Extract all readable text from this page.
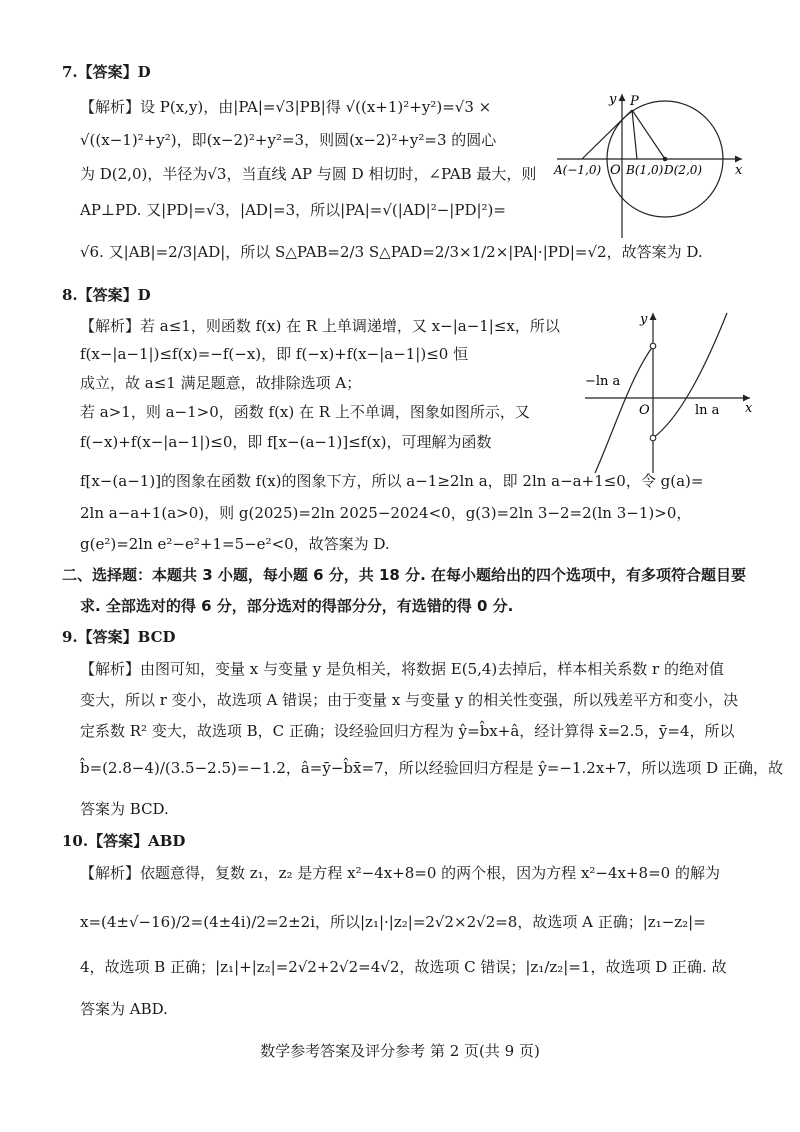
7.【答案】D
【解析】设 P(x,y)，由|PA|=√3|PB|得 √((x+1)²+y²)=√3 ×
√((x−1)²+y²)，即(x−2)²+y²=3，则圆(x−2)²+y²=3 的圆心
为 D(2,0)，半径为√3，当直线 AP 与圆 D 相切时，∠PAB 最大，则
AP⊥PD. 又|PD|=√3，|AD|=3，所以|PA|=√(|AD|²−|PD|²)=
√6. 又|AB|=2/3|AD|，所以 S△PAB=2/3 S△PAD=2/3×1/2×|PA|·|PD|=√2，故答案为 D.
x
y
O
P
A(−1,0) B(1,0) D(2,0)
8.【答案】D
【解析】若 a≤1，则函数 f(x) 在 R 上单调递增，又 x−|a−1|≤x，所以
f(x−|a−1|)≤f(x)=−f(−x)，即 f(−x)+f(x−|a−1|)≤0 恒
成立，故 a≤1 满足题意，故排除选项 A；
若 a>1，则 a−1>0，函数 f(x) 在 R 上不单调，图象如图所示，又
f(−x)+f(x−|a−1|)≤0，即 f[x−(a−1)]≤f(x)，可理解为函数
f[x−(a−1)]的图象在函数 f(x)的图象下方，所以 a−1≥2ln a，即 2ln a−a+1≤0，令 g(a)=
2ln a−a+1(a>0)，则 g(2025)=2ln 2025−2024<0，g(3)=2ln 3−2=2(ln 3−1)>0，
g(e²)=2ln e²−e²+1=5−e²<0，故答案为 D.
x
y
O
−ln a
ln a
二、选择题：本题共 3 小题，每小题 6 分，共 18 分. 在每小题给出的四个选项中，有多项符合题目要
求. 全部选对的得 6 分，部分选对的得部分分，有选错的得 0 分.
9.【答案】BCD
【解析】由图可知，变量 x 与变量 y 是负相关，将数据 E(5,4)去掉后，样本相关系数 r 的绝对值
变大，所以 r 变小，故选项 A 错误；由于变量 x 与变量 y 的相关性变强，所以残差平方和变小，决
定系数 R² 变大，故选项 B，C 正确；设经验回归方程为 ŷ=b̂x+â，经计算得 x̄=2.5，ȳ=4，所以
b̂=(2.8−4)/(3.5−2.5)=−1.2，â=ȳ−b̂x̄=7，所以经验回归方程是 ŷ=−1.2x+7，所以选项 D 正确，故
答案为 BCD.
10.【答案】ABD
【解析】依题意得，复数 z₁，z₂ 是方程 x²−4x+8=0 的两个根，因为方程 x²−4x+8=0 的解为
x=(4±√−16)/2=(4±4i)/2=2±2i，所以|z₁|·|z₂|=2√2×2√2=8，故选项 A 正确；|z₁−z₂|=
4，故选项 B 正确；|z₁|+|z₂|=2√2+2√2=4√2，故选项 C 错误；|z₁/z₂|=1，故选项 D 正确. 故
答案为 ABD.
数学参考答案及评分参考 第 2 页(共 9 页)
